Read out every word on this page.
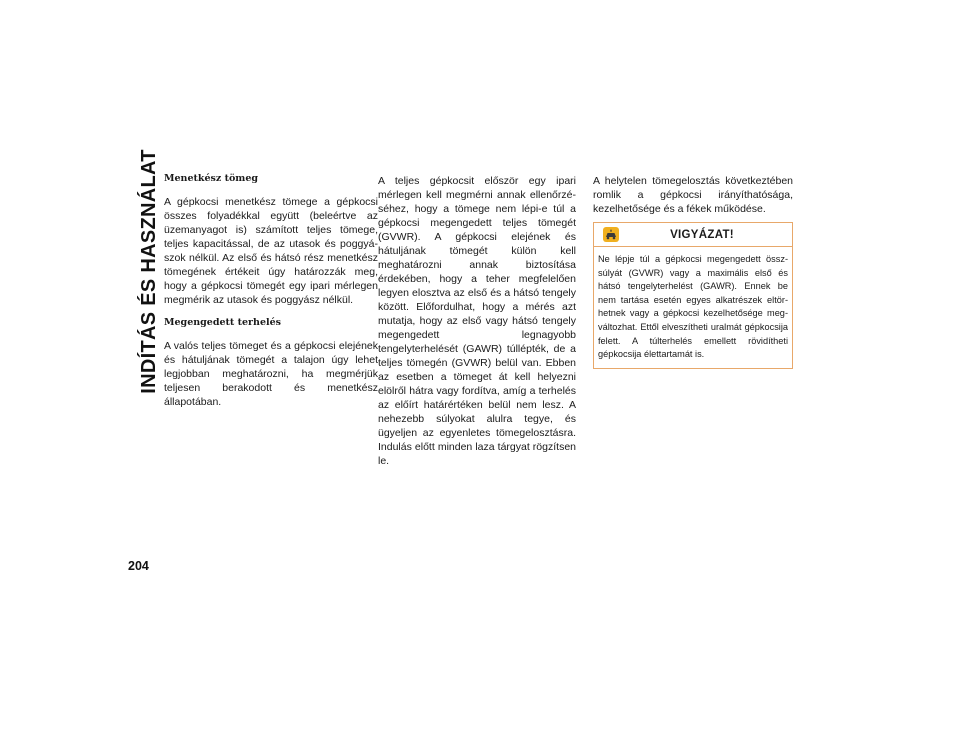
INDÍTÁS ÉS HASZNÁLAT Menetkész tömeg

A gépkocsi menetkész tömege a gépkocsi összes folyadékkal együtt (beleértve az üzemanyagot is) számított teljes tömege, teljes kapacitással, de az utasok és poggyászok nélkül. Az első és hátsó rész menetkész tömegének értékeit úgy határozzák meg, hogy a gépkocsi tömegét egy ipari mérlegen megmérik az utasok és poggyász nélkül.

Megengedett terhelés

A valós teljes tömeget és a gépkocsi elejének és hátuljának tömegét a talajon úgy lehet legjobban meghatározni, ha megmérjük teljesen berakodott és menetkész állapotában.

A teljes gépkocsit először egy ipari mérlegen kell megmérni annak ellenőrzéséhez, hogy a tömege nem lépi-e túl a gépkocsi megengedett teljes tömegét (GVWR). A gépkocsi elejének és hátuljának tömegét külön kell meghatározni annak biztosítása érdekében, hogy a teher megfelelően legyen elosztva az első és a hátsó tengely között. Előfordulhat, hogy a mérés azt mutatja, hogy az első vagy hátsó tengely megengedett legnagyobb tengelyterhelését (GAWR) túllépték, de a teljes tömegén (GVWR) belül van. Ebben az esetben a tömeget át kell helyezni elölről hátra vagy fordítva, amíg a terhelés az előírt határértéken belül nem lesz. A nehezebb súlyokat alulra tegye, és ügyeljen az egyenletes tömegelosztásra. Indulás előtt minden laza tárgyat rögzítsen le.

A helytelen tömegelosztás következtében romlik a gépkocsi irányíthatósága, kezelhetősége és a fékek működése.

VIGYÁZAT!
Ne lépje túl a gépkocsi megengedett összsúlyát (GVWR) vagy a maximális első és hátsó tengelyterhelést (GAWR). Ennek be nem tartása esetén egyes alkatrészek eltörhetnek vagy a gépkocsi kezelhetősége megváltozhat. Ettől elveszítheti uralmát gépkocsija felett. A túlterhelés emellett rövidítheti gépkocsija élettartamát is.
204
